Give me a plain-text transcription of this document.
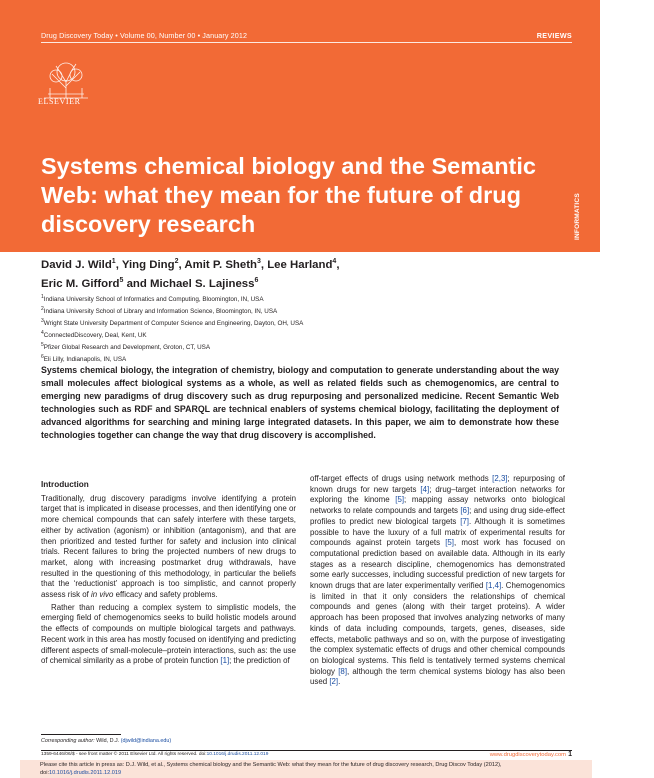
Drug Discovery Today • Volume 00, Number 00 • January 2012	REVIEWS
ELSEVIER
Systems chemical biology and the Semantic Web: what they mean for the future of drug discovery research	Reviews •
INFORMATICS
David J. Wild$^1$, Ying Ding$^2$, Amit P. Sheth$^3$, Lee Harland$^4$,
Eric M. Gifford$^5$ and Michael S. Lajiness$^6$
$^1$Indiana University School of Informatics and Computing, Bloomington, IN, USA
$^2$Indiana University School of Library and Information Science, Bloomington, IN, USA
$^3$Wright State University Department of Computer Science and Engineering, Dayton, OH, USA
$^4$ConnectedDiscovery, Deal, Kent, UK
$^5$Pfizer Global Research and Development, Groton, CT, USA
$^6$Eli Lilly, Indianapolis, IN, USA

Systems chemical biology, the integration of chemistry, biology and computation to generate understanding about the way small molecules affect biological systems as a whole, as well as related fields such as chemogenomics, are central to emerging new paradigms of drug discovery such as drug repurposing and personalized medicine. Recent Semantic Web technologies such as RDF and SPARQL are technical enablers of systems chemical biology, facilitating the deployment of advanced algorithms for searching and mining large integrated datasets. In this paper, we aim to demonstrate how these technologies together can change the way that drug discovery is accomplished.

Introduction

Traditionally, drug discovery paradigms involve identifying a protein target that is implicated in disease processes, and then identifying one or more chemical compounds that can safely interfere with these targets, either by activation (agonism) or inhibition (antagonism), and that are then prioritized and tested further for safety and inclusion into clinical trials. Recent failures to bring the projected numbers of new drugs to market, along with increasing postmarket drug withdrawals, have resulted in the questioning of this methodology, in particular the beliefs that the ‘reductionist’ approach is too simplistic, and cannot properly assess risk of in vivo efficacy and safety problems.

Rather than reducing a complex system to simplistic models, the emerging field of chemogenomics seeks to build holistic models around the effects of compounds on multiple biological targets and pathways. Recent work in this area has mostly focused on identifying and predicting different aspects of small-molecule–protein interactions, such as: the use of chemical similarity as a probe of protein function [1]; the prediction of

off-target effects of drugs using network methods [2,3]; repurposing of known drugs for new targets [4]; drug–target interaction networks for exploring the kinome [5]; mapping assay networks onto biological networks to relate compounds and targets [6]; and using drug side-effect profiles to predict new biological targets [7]. Although it is sometimes possible to have the luxury of a full matrix of experimental results for compounds against protein targets [5], most work has focused on computational prediction based on available data. Although in its early stages as a research discipline, chemogenomics has demonstrated some early successes, including successful prediction of new targets for known drugs that are later experimentally verified [1,4]. Chemogenomics is limited in that it only considers the relationships of chemical compounds and genes (along with their target proteins). A wider approach has been proposed that involves analyzing networks of many kinds of data including compounds, targets, genes, diseases, side effects, metabolic pathways and so on, with the purpose of investigating the complex systematic effects of drugs and other chemical compounds on biological systems. This field is tentatively termed systems chemical biology [8], although the term chemical systems biology has also been used [2].

Corresponding author: Wild, D.J. (djwild@indiana.edu)
1359-6446/06/$ - see front matter © 2011 Elsevier Ltd. All rights reserved. doi:10.1016/j.drudis.2011.12.019	www.drugdiscoverytoday.com 1
Please cite this article in press as: D.J. Wild, et al., Systems chemical biology and the Semantic Web: what they mean for the future of drug discovery research, Drug Discov Today (2012), doi:10.1016/j.drudis.2011.12.019
